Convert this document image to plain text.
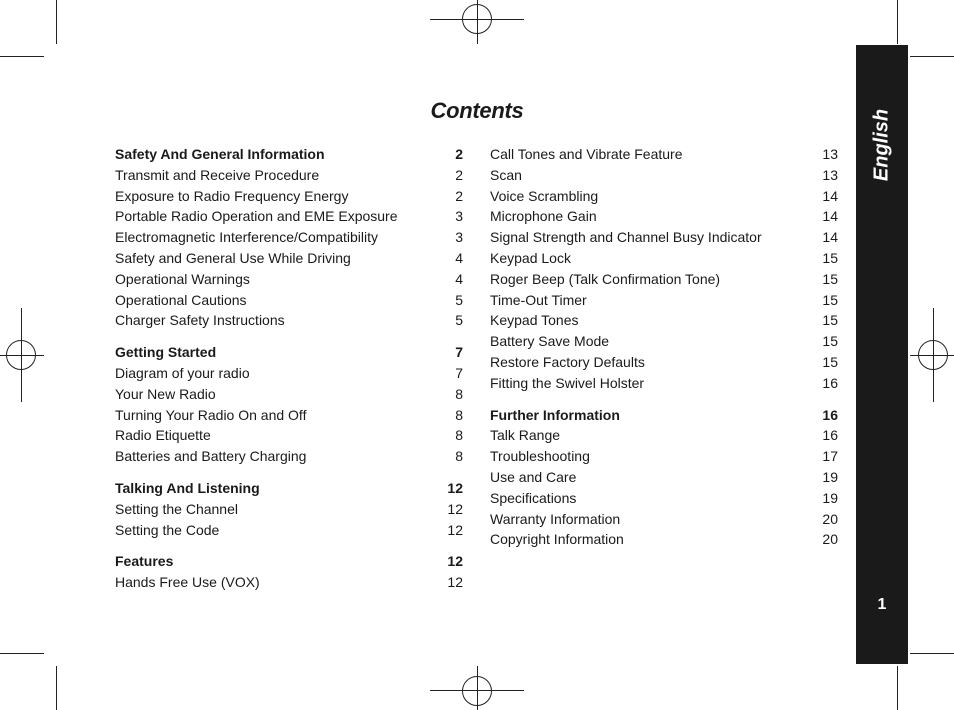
Contents
Safety And General Information	2
Transmit and Receive Procedure	2
Exposure to Radio Frequency Energy	2
Portable Radio Operation and EME Exposure	3
Electromagnetic Interference/Compatibility	3
Safety and General Use While Driving	4
Operational Warnings	4
Operational Cautions	5
Charger Safety Instructions	5
Getting Started	7
Diagram of your radio	7
Your New Radio	8
Turning Your Radio On and Off	8
Radio Etiquette	8
Batteries and Battery Charging	8
Talking And Listening	12
Setting the Channel	12
Setting the Code	12
Features	12
Hands Free Use (VOX)	12
Call Tones and Vibrate Feature	13
Scan	13
Voice Scrambling	14
Microphone Gain	14
Signal Strength and Channel Busy Indicator	14
Keypad Lock	15
Roger Beep (Talk Confirmation Tone)	15
Time-Out Timer	15
Keypad Tones	15
Battery Save Mode	15
Restore Factory Defaults	15
Fitting the Swivel Holster	16
Further Information	16
Talk Range	16
Troubleshooting	17
Use and Care	19
Specifications	19
Warranty Information	20
Copyright Information	20
English
1
